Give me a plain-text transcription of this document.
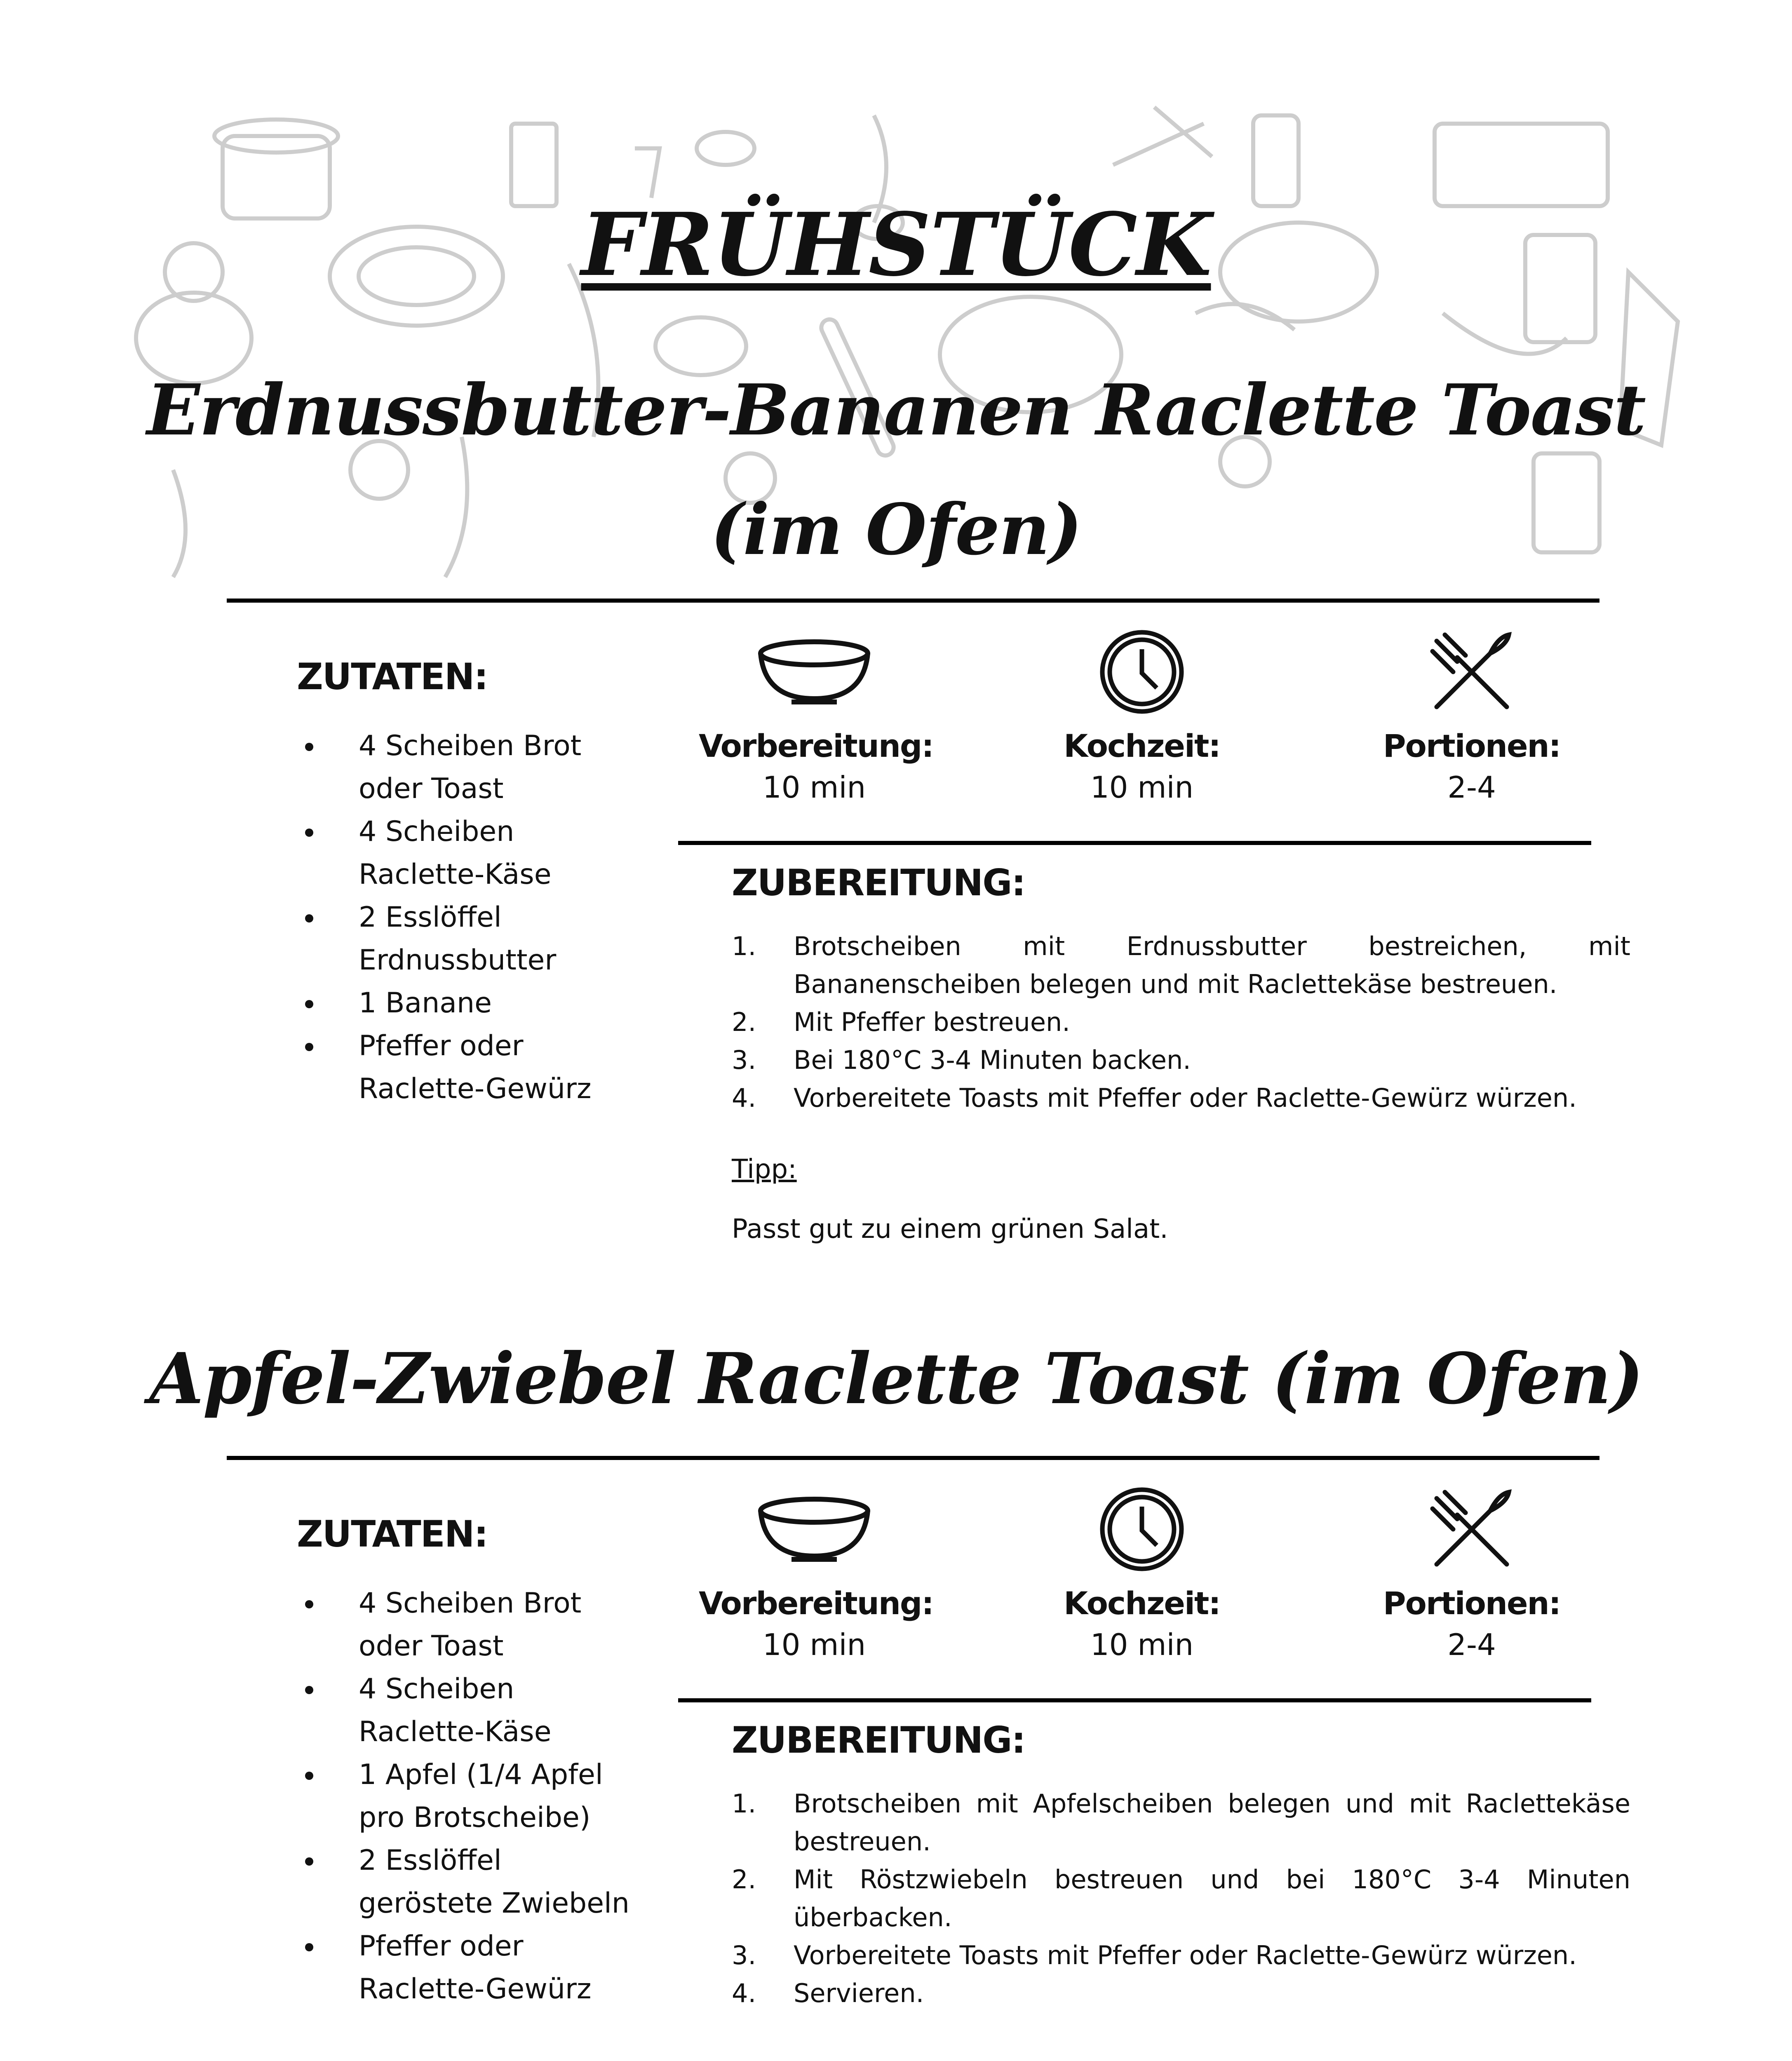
FRÜHSTÜCK
Erdnussbutter-Bananen Raclette Toast
(im Ofen)
ZUTATEN:
4 Scheiben Brot oder Toast
4 Scheiben Raclette-Käse
2 Esslöffel Erdnussbutter
1 Banane
Pfeffer oder Raclette-Gewürz
Vorbereitung:
10 min
Kochzeit:
10 min
Portionen:
2-4
ZUBEREITUNG:
1. Brotscheiben mit Erdnussbutter bestreichen, mit Bananenscheiben belegen und mit Raclettekäse bestreuen.
2. Mit Pfeffer bestreuen.
3. Bei 180°C 3-4 Minuten backen.
4. Vorbereitete Toasts mit Pfeffer oder Raclette-Gewürz würzen.
Tipp:
Passt gut zu einem grünen Salat.
Apfel-Zwiebel Raclette Toast (im Ofen)
ZUTATEN:
4 Scheiben Brot oder Toast
4 Scheiben Raclette-Käse
1 Apfel (1/4 Apfel pro Brotscheibe)
2 Esslöffel geröstete Zwiebeln
Pfeffer oder Raclette-Gewürz
Vorbereitung:
10 min
Kochzeit:
10 min
Portionen:
2-4
ZUBEREITUNG:
1. Brotscheiben mit Apfelscheiben belegen und mit Raclettekäse bestreuen.
2. Mit Röstzwiebeln bestreuen und bei 180°C 3-4 Minuten überbacken.
3. Vorbereitete Toasts mit Pfeffer oder Raclette-Gewürz würzen.
4. Servieren.
